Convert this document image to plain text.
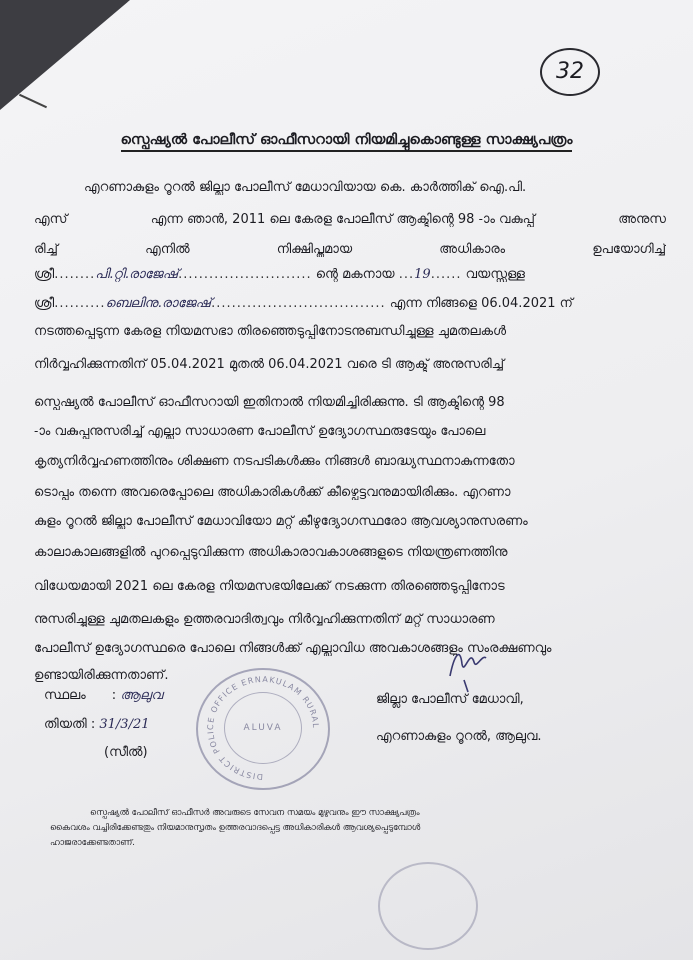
32
സ്പെഷ്യൽ പോലീസ് ഓഫീസറായി നിയമിച്ചുകൊണ്ടുള്ള സാക്ഷ്യപത്രം
എറണാകുളം റൂറൽ ജില്ലാ പോലീസ് മേധാവിയായ കെ. കാർത്തിക് ഐ.പി.
എസ്	എന്ന ഞാൻ, 2011 ലെ കേരള പോലീസ് ആക്ടിന്റെ 98 -ാം വകുപ്പ്	അനുസ
രിച്ച്	എനിൽ	നിക്ഷിപ്തമായ	അധികാരം	ഉപയോഗിച്ച്
ശ്രീ........പി.റ്റി.രാജേഷ്.......................... ന്റെ മകനായ ...19...... വയസ്സുള്ള
ശ്രീ..........ബെലിനു.രാജേഷ്.................................. എന്ന നിങ്ങളെ 06.04.2021 ന്
നടത്തപ്പെടുന്ന കേരള നിയമസഭാ തിരഞ്ഞെടുപ്പിനോടനുബന്ധിച്ചുള്ള ചുമതലകൾ
നിർവ്വഹിക്കുന്നതിന് 05.04.2021 മുതൽ 06.04.2021 വരെ ടി ആക്ട് അനുസരിച്ച്
സ്പെഷ്യൽ പോലീസ് ഓഫീസറായി ഇതിനാൽ നിയമിച്ചിരിക്കുന്നു. ടി ആക്ടിന്റെ 98
-ാം വകുപ്പനുസരിച്ച് എല്ലാ സാധാരണ പോലീസ് ഉദ്യോഗസ്ഥരുടേയും പോലെ
കൃത്യനിർവ്വഹണത്തിനും ശിക്ഷണ നടപടികൾക്കും നിങ്ങൾ ബാദ്ധ്യസ്ഥനാകുന്നതോ
ടൊപ്പം തന്നെ അവരെപ്പോലെ അധികാരികൾക്ക് കീഴ്പ്പെട്ടവനുമായിരിക്കും. എറണാ
കുളം റൂറൽ ജില്ലാ പോലീസ് മേധാവിയോ മറ്റ് കീഴുദ്യോഗസ്ഥരോ ആവശ്യാനുസരണം
കാലാകാലങ്ങളിൽ പുറപ്പെടുവിക്കുന്ന അധികാരാവകാശങ്ങളുടെ നിയന്ത്രണത്തിനു
വിധേയമായി 2021 ലെ കേരള നിയമസഭയിലേക്ക് നടക്കുന്ന തിരഞ്ഞെടുപ്പിനോട
നുസരിച്ചുള്ള ചുമതലകളും ഉത്തരവാദിത്വവും നിർവ്വഹിക്കുന്നതിന് മറ്റ് സാധാരണ
പോലീസ് ഉദ്യോഗസ്ഥരെ പോലെ നിങ്ങൾക്ക് എല്ലാവിധ അവകാശങ്ങളും സംരക്ഷണവും
ഉണ്ടായിരിക്കുന്നതാണ്.
DISTRICT POLICE OFFICE ERNAKULAM RURAL
ALUVA
സ്ഥലം : ആലുവ
തിയതി : 31/3/21
(സീൽ)
ജില്ലാ പോലീസ് മേധാവി,
എറണാകുളം റൂറൽ, ആലുവ.
സ്പെഷ്യൽ പോലീസ് ഓഫീസർ അവരുടെ സേവന സമയം മുഴുവനും ഈ സാക്ഷ്യപത്രം
കൈവശം വച്ചിരിക്കേണ്ടതും നിയമാനുസൃതം ഉത്തരവാദപ്പെട്ട അധികാരികൾ ആവശ്യപ്പെടുമ്പോൾ
ഹാജരാക്കേണ്ടതാണ്.
